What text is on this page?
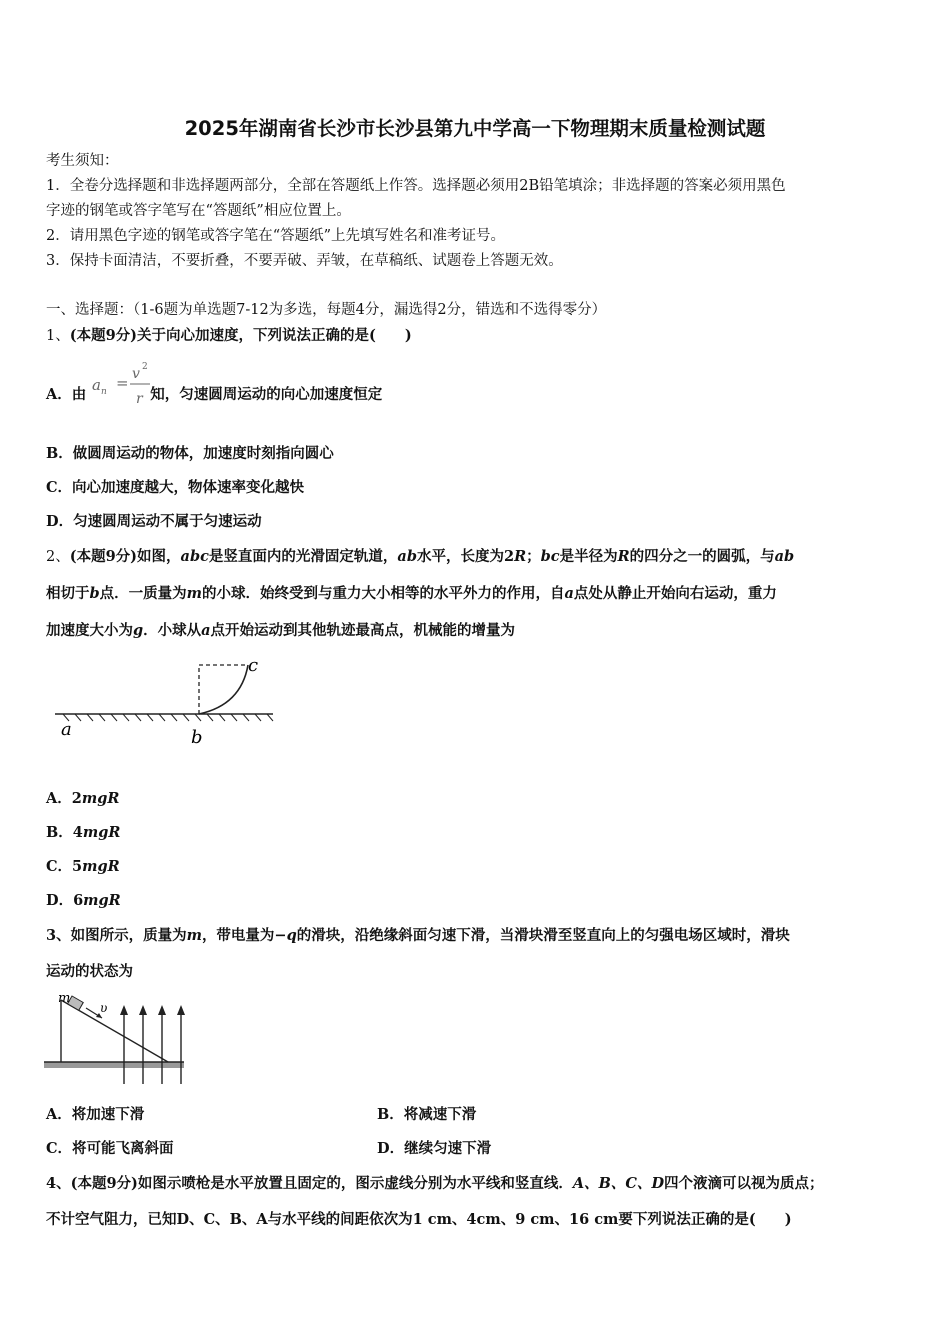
2025年湖南省长沙市长沙县第九中学高一下物理期末质量检测试题
考生须知：
1．全卷分选择题和非选择题两部分，全部在答题纸上作答。选择题必须用2B铅笔填涂；非选择题的答案必须用黑色
字迹的钢笔或答字笔写在“答题纸”相应位置上。
2．请用黑色字迹的钢笔或答字笔在“答题纸”上先填写姓名和准考证号。
3．保持卡面清洁，不要折叠，不要弄破、弄皱，在草稿纸、试题卷上答题无效。
一、选择题：（1-6题为单选题7-12为多选，每题4分，漏选得2分，错选和不选得零分）
1、(本题9分)关于向心加速度，下列说法正确的是(　　)
A．由	知，匀速圆周运动的向心加速度恒定
a n = v 2
r
B．做圆周运动的物体，加速度时刻指向圆心
C．向心加速度越大，物体速率变化越快
D．匀速圆周运动不属于匀速运动
2、(本题9分)如图，abc是竖直面内的光滑固定轨道，ab水平，长度为2R；bc是半径为R的四分之一的圆弧，与ab
相切于b点．一质量为m的小球．始终受到与重力大小相等的水平外力的作用，自a点处从静止开始向右运动，重力
加速度大小为g．小球从a点开始运动到其他轨迹最高点，机械能的增量为
a	b
c
A．2mgR
B．4mgR
C．5mgR
D．6mgR
3、如图所示，质量为m，带电量为−q的滑块，沿绝缘斜面匀速下滑，当滑块滑至竖直向上的匀强电场区域时，滑块
运动的状态为
m
υ
A．将加速下滑	B．将减速下滑
C．将可能飞离斜面	D．继续匀速下滑
4、(本题9分)如图示喷枪是水平放置且固定的，图示虚线分别为水平线和竖直线．A、B、C、D四个液滴可以视为质点；
不计空气阻力，已知D、C、B、A与水平线的间距依次为1 cm、4cm、9 cm、16 cm要下列说法正确的是(　　)
